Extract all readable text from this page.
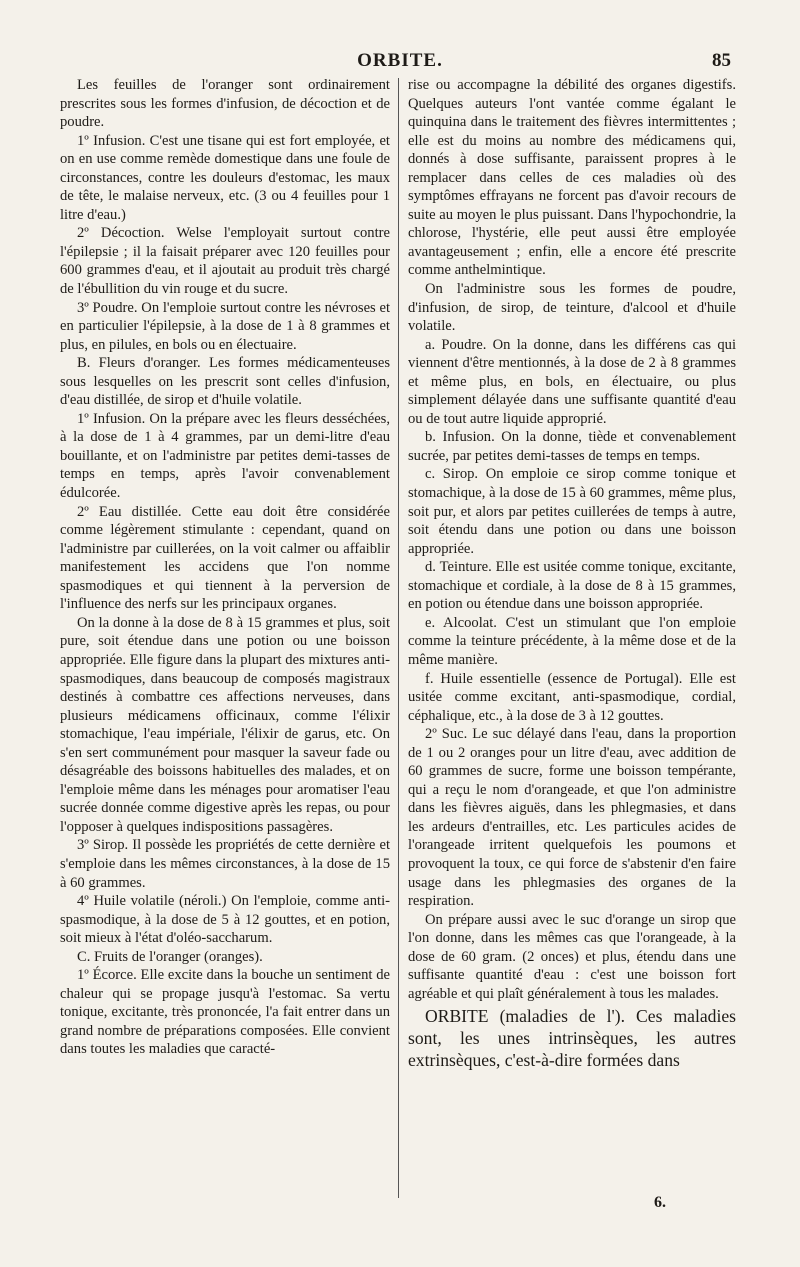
ORBITE.	85

Les feuilles de l'oranger sont ordinairement prescrites sous les formes d'infusion, de décoction et de poudre.

1º Infusion. C'est une tisane qui est fort employée, et on en use comme remède domestique dans une foule de circonstances, contre les douleurs d'estomac, les maux de tête, le malaise nerveux, etc. (3 ou 4 feuilles pour 1 litre d'eau.)

2º Décoction. Welse l'employait surtout contre l'épilepsie ; il la faisait préparer avec 120 feuilles pour 600 grammes d'eau, et il ajoutait au produit très chargé de l'ébullition du vin rouge et du sucre.

3º Poudre. On l'emploie surtout contre les névroses et en particulier l'épilepsie, à la dose de 1 à 8 grammes et plus, en pilules, en bols ou en électuaire.

B. Fleurs d'oranger. Les formes médicamenteuses sous lesquelles on les prescrit sont celles d'infusion, d'eau distillée, de sirop et d'huile volatile.

1º Infusion. On la prépare avec les fleurs desséchées, à la dose de 1 à 4 grammes, par un demi-litre d'eau bouillante, et on l'administre par petites demi-tasses de temps en temps, après l'avoir convenablement édulcorée.

2º Eau distillée. Cette eau doit être considérée comme légèrement stimulante : cependant, quand on l'administre par cuillerées, on la voit calmer ou affaiblir manifestement les accidens que l'on nomme spasmodiques et qui tiennent à la perversion de l'influence des nerfs sur les principaux organes.

On la donne à la dose de 8 à 15 grammes et plus, soit pure, soit étendue dans une potion ou une boisson appropriée. Elle figure dans la plupart des mixtures anti-spasmodiques, dans beaucoup de composés magistraux destinés à combattre ces affections nerveuses, dans plusieurs médicamens officinaux, comme l'élixir stomachique, l'eau impériale, l'élixir de garus, etc. On s'en sert communément pour masquer la saveur fade ou désagréable des boissons habituelles des malades, et on l'emploie même dans les ménages pour aromatiser l'eau sucrée donnée comme digestive après les repas, ou pour l'opposer à quelques indispositions passagères.

3º Sirop. Il possède les propriétés de cette dernière et s'emploie dans les mêmes circonstances, à la dose de 15 à 60 grammes.

4º Huile volatile (néroli.) On l'emploie, comme anti-spasmodique, à la dose de 5 à 12 gouttes, et en potion, soit mieux à l'état d'oléo-saccharum.

C. Fruits de l'oranger (oranges).

1º Écorce. Elle excite dans la bouche un sentiment de chaleur qui se propage jusqu'à l'estomac. Sa vertu tonique, excitante, très prononcée, l'a fait entrer dans un grand nombre de préparations composées. Elle convient dans toutes les maladies que caracté-

rise ou accompagne la débilité des organes digestifs. Quelques auteurs l'ont vantée comme égalant le quinquina dans le traitement des fièvres intermittentes ; elle est du moins au nombre des médicamens qui, donnés à dose suffisante, paraissent propres à le remplacer dans celles de ces maladies où des symptômes effrayans ne forcent pas d'avoir recours de suite au moyen le plus puissant. Dans l'hypochondrie, la chlorose, l'hystérie, elle peut aussi être employée avantageusement ; enfin, elle a encore été prescrite comme anthelmintique.

On l'administre sous les formes de poudre, d'infusion, de sirop, de teinture, d'alcool et d'huile volatile.

a. Poudre. On la donne, dans les différens cas qui viennent d'être mentionnés, à la dose de 2 à 8 grammes et même plus, en bols, en électuaire, ou plus simplement délayée dans une suffisante quantité d'eau ou de tout autre liquide approprié.

b. Infusion. On la donne, tiède et convenablement sucrée, par petites demi-tasses de temps en temps.

c. Sirop. On emploie ce sirop comme tonique et stomachique, à la dose de 15 à 60 grammes, même plus, soit pur, et alors par petites cuillerées de temps à autre, soit étendu dans une potion ou dans une boisson appropriée.

d. Teinture. Elle est usitée comme tonique, excitante, stomachique et cordiale, à la dose de 8 à 15 grammes, en potion ou étendue dans une boisson appropriée.

e. Alcoolat. C'est un stimulant que l'on emploie comme la teinture précédente, à la même dose et de la même manière.

f. Huile essentielle (essence de Portugal). Elle est usitée comme excitant, anti-spasmodique, cordial, céphalique, etc., à la dose de 3 à 12 gouttes.

2º Suc. Le suc délayé dans l'eau, dans la proportion de 1 ou 2 oranges pour un litre d'eau, avec addition de 60 grammes de sucre, forme une boisson tempérante, qui a reçu le nom d'orangeade, et que l'on administre dans les fièvres aiguës, dans les phlegmasies, et dans les ardeurs d'entrailles, etc. Les particules acides de l'orangeade irritent quelquefois les poumons et provoquent la toux, ce qui force de s'abstenir d'en faire usage dans les phlegmasies des organes de la respiration.

On prépare aussi avec le suc d'orange un sirop que l'on donne, dans les mêmes cas que l'orangeade, à la dose de 60 gram. (2 onces) et plus, étendu dans une suffisante quantité d'eau : c'est une boisson fort agréable et qui plaît généralement à tous les malades.

ORBITE (maladies de l'). Ces maladies sont, les unes intrinsèques, les autres extrinsèques, c'est-à-dire formées dans

6.
